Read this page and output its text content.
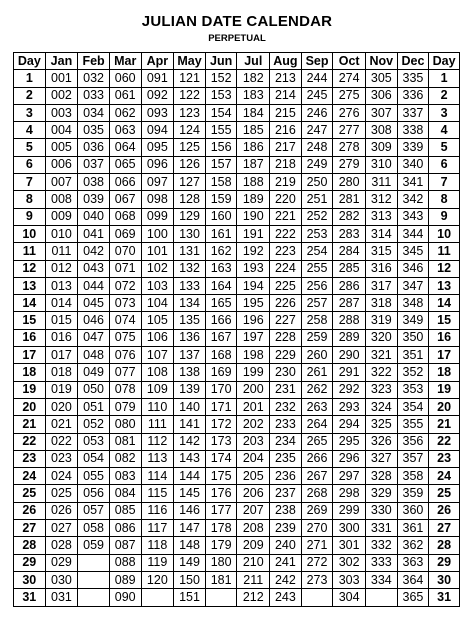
JULIAN DATE CALENDAR
PERPETUAL
Day	Jan	Feb	Mar	Apr	May	Jun	Jul	Aug	Sep	Oct	Nov	Dec	Day
1	001	032	060	091	121	152	182	213	244	274	305	335	1
2	002	033	061	092	122	153	183	214	245	275	306	336	2
3	003	034	062	093	123	154	184	215	246	276	307	337	3
4	004	035	063	094	124	155	185	216	247	277	308	338	4
5	005	036	064	095	125	156	186	217	248	278	309	339	5
6	006	037	065	096	126	157	187	218	249	279	310	340	6
7	007	038	066	097	127	158	188	219	250	280	311	341	7
8	008	039	067	098	128	159	189	220	251	281	312	342	8
9	009	040	068	099	129	160	190	221	252	282	313	343	9
10	010	041	069	100	130	161	191	222	253	283	314	344	10
11	011	042	070	101	131	162	192	223	254	284	315	345	11
12	012	043	071	102	132	163	193	224	255	285	316	346	12
13	013	044	072	103	133	164	194	225	256	286	317	347	13
14	014	045	073	104	134	165	195	226	257	287	318	348	14
15	015	046	074	105	135	166	196	227	258	288	319	349	15
16	016	047	075	106	136	167	197	228	259	289	320	350	16
17	017	048	076	107	137	168	198	229	260	290	321	351	17
18	018	049	077	108	138	169	199	230	261	291	322	352	18
19	019	050	078	109	139	170	200	231	262	292	323	353	19
20	020	051	079	110	140	171	201	232	263	293	324	354	20
21	021	052	080	111	141	172	202	233	264	294	325	355	21
22	022	053	081	112	142	173	203	234	265	295	326	356	22
23	023	054	082	113	143	174	204	235	266	296	327	357	23
24	024	055	083	114	144	175	205	236	267	297	328	358	24
25	025	056	084	115	145	176	206	237	268	298	329	359	25
26	026	057	085	116	146	177	207	238	269	299	330	360	26
27	027	058	086	117	147	178	208	239	270	300	331	361	27
28	028	059	087	118	148	179	209	240	271	301	332	362	28
29	029		088	119	149	180	210	241	272	302	333	363	29
30	030		089	120	150	181	211	242	273	303	334	364	30
31	031		090		151		212	243		304		365	31
